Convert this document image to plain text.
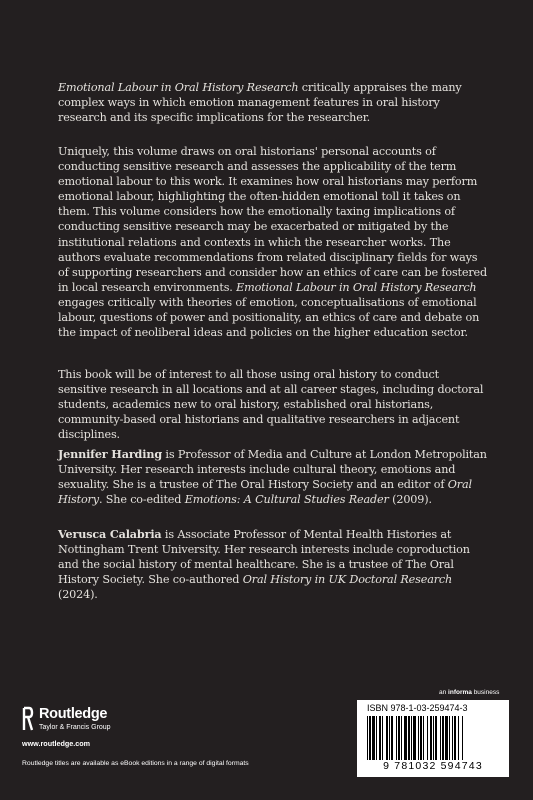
Emotional Labour in Oral History Research critically appraises the many complex ways in which emotion management features in oral history research and its specific implications for the researcher.

Uniquely, this volume draws on oral historians' personal accounts of conducting sensitive research and assesses the applicability of the term emotional labour to this work. It examines how oral historians may perform emotional labour, highlighting the often-hidden emotional toll it takes on them. This volume considers how the emotionally taxing implications of conducting sensitive research may be exacerbated or mitigated by the institutional relations and contexts in which the researcher works. The authors evaluate recommendations from related disciplinary fields for ways of supporting researchers and consider how an ethics of care can be fostered in local research environments. Emotional Labour in Oral History Research engages critically with theories of emotion, conceptualisations of emotional labour, questions of power and positionality, an ethics of care and debate on the impact of neoliberal ideas and policies on the higher education sector.

This book will be of interest to all those using oral history to conduct sensitive research in all locations and at all career stages, including doctoral students, academics new to oral history, established oral historians, community-based oral historians and qualitative researchers in adjacent disciplines.

Jennifer Harding is Professor of Media and Culture at London Metropolitan University. Her research interests include cultural theory, emotions and sexuality. She is a trustee of The Oral History Society and an editor of Oral History. She co-edited Emotions: A Cultural Studies Reader (2009).

Verusca Calabria is Associate Professor of Mental Health Histories at Nottingham Trent University. Her research interests include coproduction and the social history of mental healthcare. She is a trustee of The Oral History Society. She co-authored Oral History in UK Doctoral Research (2024).

Routledge
Taylor & Francis Group
www.routledge.com
Routledge titles are available as eBook editions in a range of digital formats
an informa business
ISBN 978-1-03-259474-3
9 781032 594743
